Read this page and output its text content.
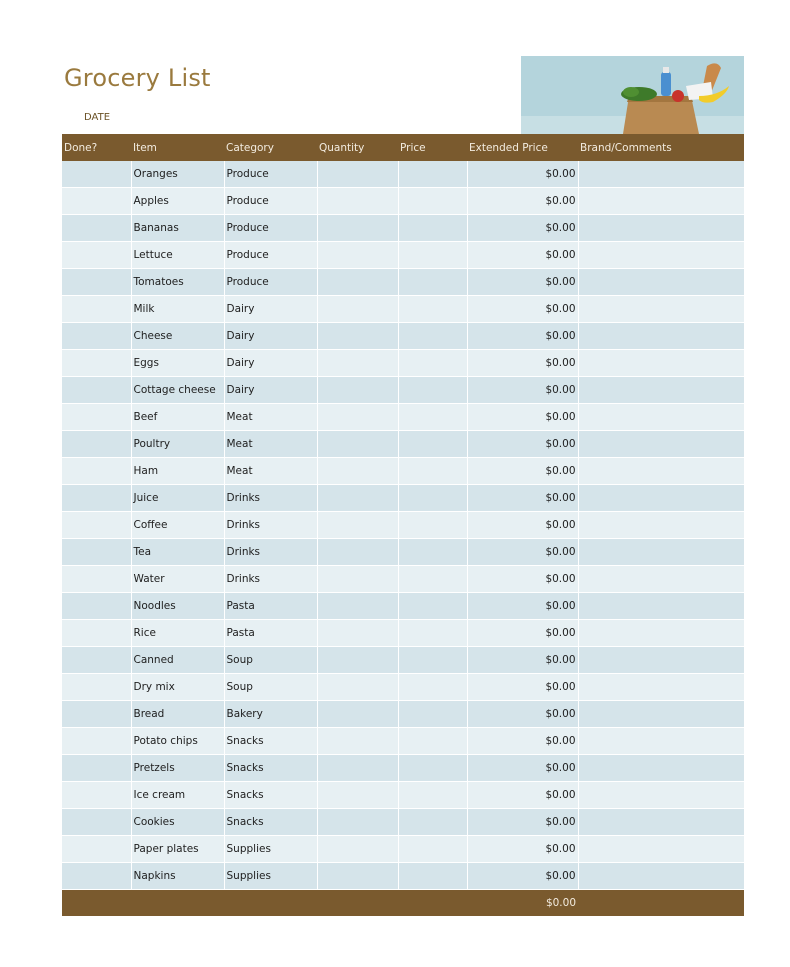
Grocery List
DATE
Done?	Item	Category	Quantity	Price	Extended Price	Brand/Comments
	Oranges	Produce			$0.00	
	Apples	Produce			$0.00	
	Bananas	Produce			$0.00	
	Lettuce	Produce			$0.00	
	Tomatoes	Produce			$0.00	
	Milk	Dairy			$0.00	
	Cheese	Dairy			$0.00	
	Eggs	Dairy			$0.00	
	Cottage cheese	Dairy			$0.00	
	Beef	Meat			$0.00	
	Poultry	Meat			$0.00	
	Ham	Meat			$0.00	
	Juice	Drinks			$0.00	
	Coffee	Drinks			$0.00	
	Tea	Drinks			$0.00	
	Water	Drinks			$0.00	
	Noodles	Pasta			$0.00	
	Rice	Pasta			$0.00	
	Canned	Soup			$0.00	
	Dry mix	Soup			$0.00	
	Bread	Bakery			$0.00	
	Potato chips	Snacks			$0.00	
	Pretzels	Snacks			$0.00	
	Ice cream	Snacks			$0.00	
	Cookies	Snacks			$0.00	
	Paper plates	Supplies			$0.00	
	Napkins	Supplies			$0.00	
					$0.00	
